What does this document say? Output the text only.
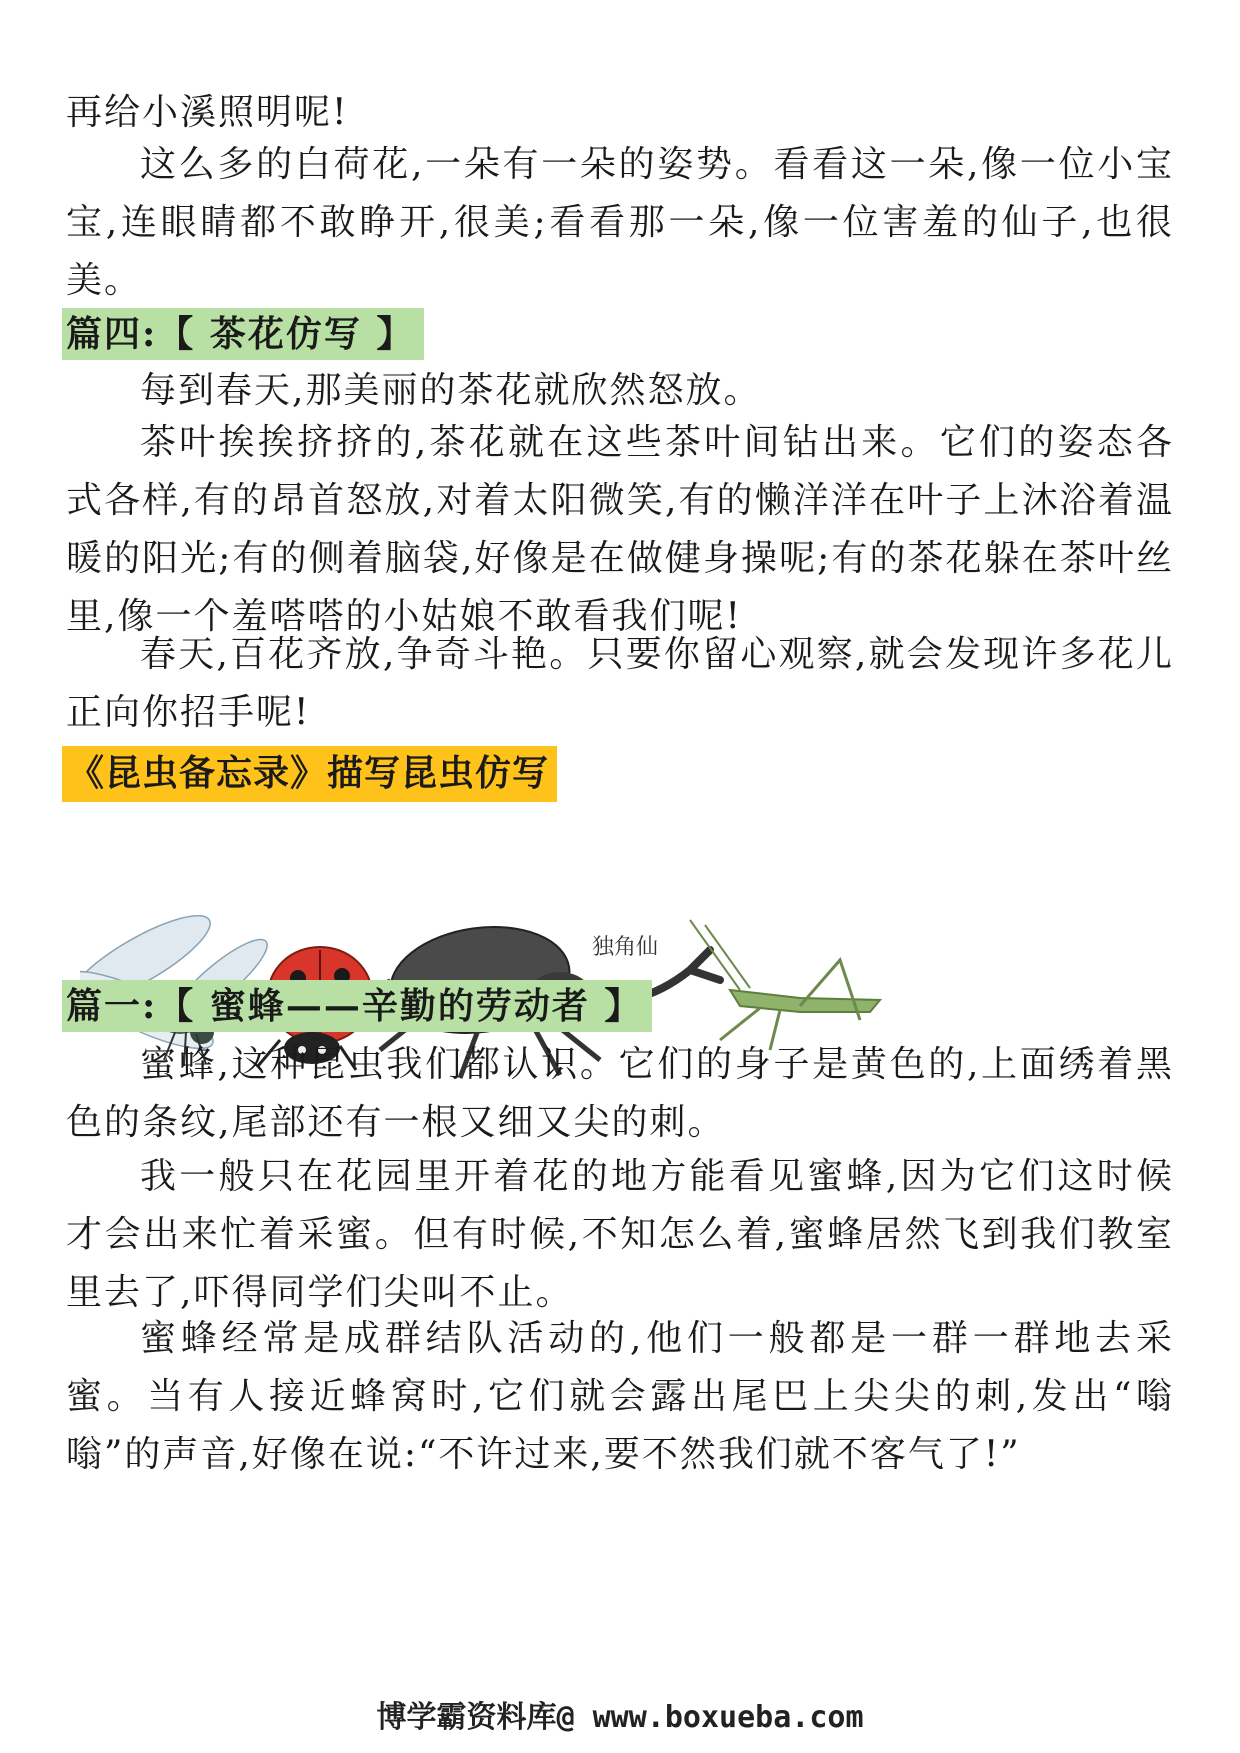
再给小溪照明呢!

这么多的白荷花,一朵有一朵的姿势。看看这一朵,像一位小宝宝,连眼睛都不敢睁开,很美;看看那一朵,像一位害羞的仙子,也很美。

篇四:【 茶花仿写 】

每到春天,那美丽的茶花就欣然怒放。

茶叶挨挨挤挤的,茶花就在这些茶叶间钻出来。它们的姿态各式各样,有的昂首怒放,对着太阳微笑,有的懒洋洋在叶子上沐浴着温暖的阳光;有的侧着脑袋,好像是在做健身操呢;有的茶花躲在茶叶丝里,像一个羞嗒嗒的小姑娘不敢看我们呢!

春天,百花齐放,争奇斗艳。只要你留心观察,就会发现许多花儿正向你招手呢!

《昆虫备忘录》描写昆虫仿写
独角仙
篇一:【 蜜蜂——辛勤的劳动者 】

蜜蜂,这种昆虫我们都认识。它们的身子是黄色的,上面绣着黑色的条纹,尾部还有一根又细又尖的刺。

我一般只在花园里开着花的地方能看见蜜蜂,因为它们这时候才会出来忙着采蜜。但有时候,不知怎么着,蜜蜂居然飞到我们教室里去了,吓得同学们尖叫不止。

蜜蜂经常是成群结队活动的,他们一般都是一群一群地去采蜜。当有人接近蜂窝时,它们就会露出尾巴上尖尖的刺,发出“嗡嗡”的声音,好像在说:“不许过来,要不然我们就不客气了!”

博学霸资料库@ www.boxueba.com
